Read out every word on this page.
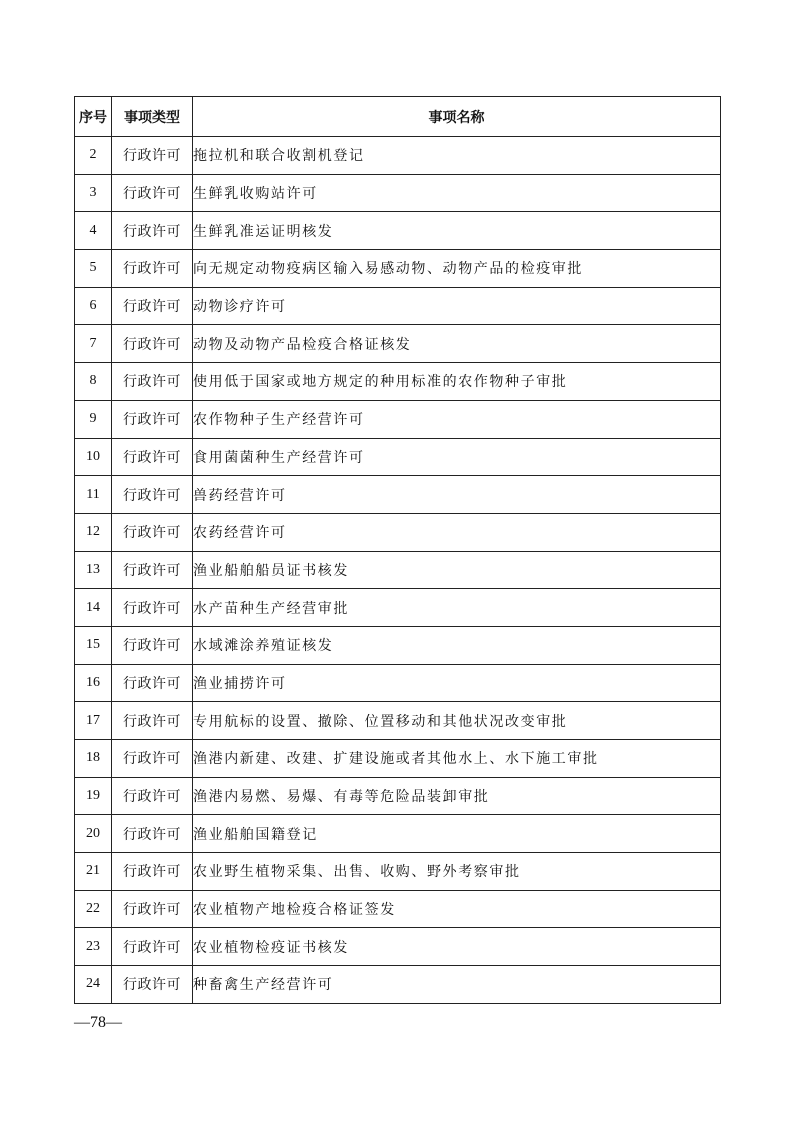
序号	事项类型	事项名称
2	行政许可	拖拉机和联合收割机登记
3	行政许可	生鲜乳收购站许可
4	行政许可	生鲜乳准运证明核发
5	行政许可	向无规定动物疫病区输入易感动物、动物产品的检疫审批
6	行政许可	动物诊疗许可
7	行政许可	动物及动物产品检疫合格证核发
8	行政许可	使用低于国家或地方规定的种用标准的农作物种子审批
9	行政许可	农作物种子生产经营许可
10	行政许可	食用菌菌种生产经营许可
11	行政许可	兽药经营许可
12	行政许可	农药经营许可
13	行政许可	渔业船舶船员证书核发
14	行政许可	水产苗种生产经营审批
15	行政许可	水域滩涂养殖证核发
16	行政许可	渔业捕捞许可
17	行政许可	专用航标的设置、撤除、位置移动和其他状况改变审批
18	行政许可	渔港内新建、改建、扩建设施或者其他水上、水下施工审批
19	行政许可	渔港内易燃、易爆、有毒等危险品装卸审批
20	行政许可	渔业船舶国籍登记
21	行政许可	农业野生植物采集、出售、收购、野外考察审批
22	行政许可	农业植物产地检疫合格证签发
23	行政许可	农业植物检疫证书核发
24	行政许可	种畜禽生产经营许可
—78—
